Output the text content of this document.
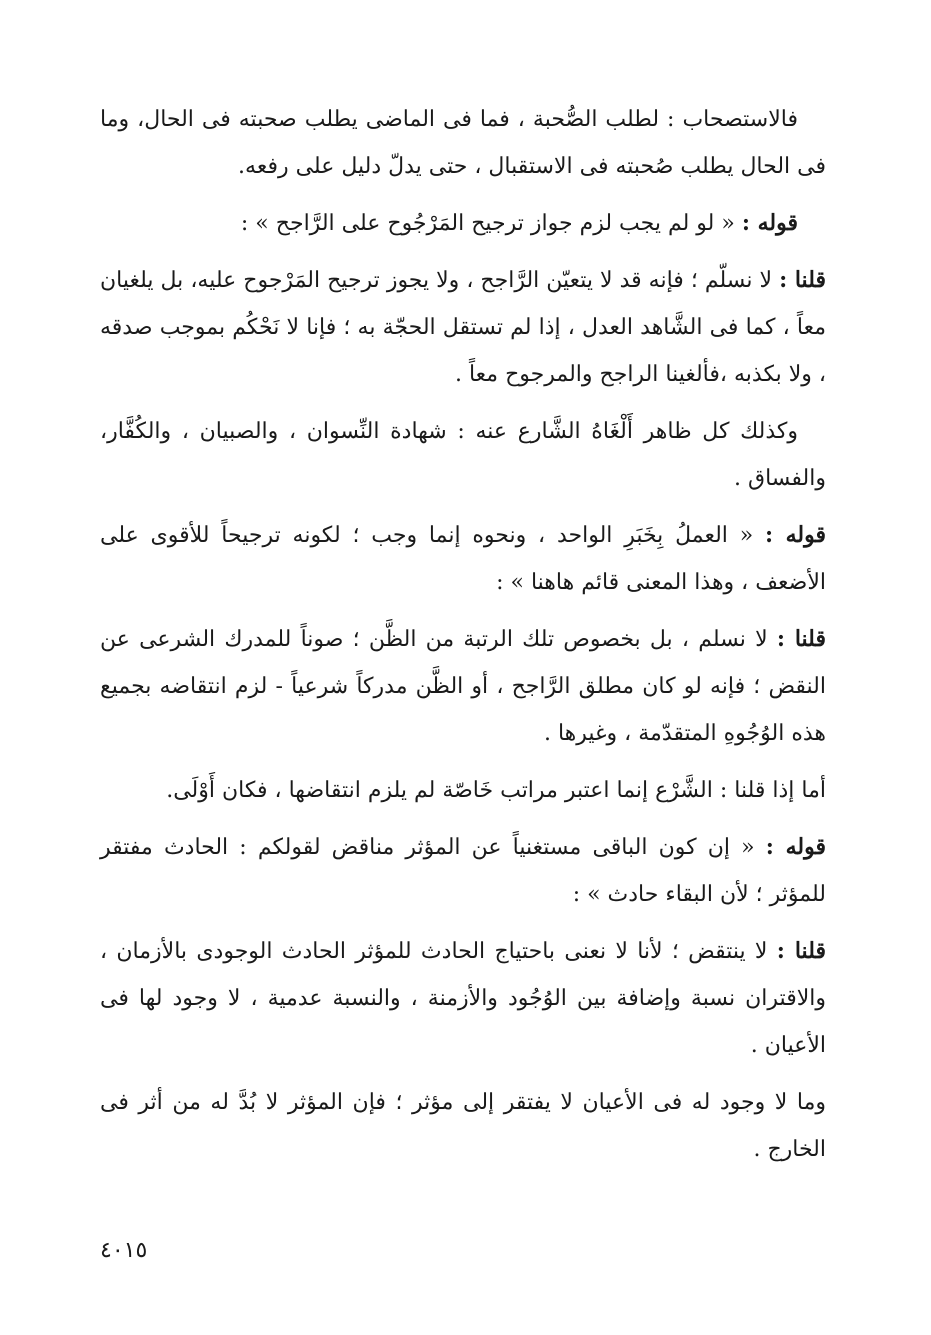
فالاستصحاب : لطلب الصُّحبة ، فما فى الماضى يطلب صحبته فى الحال، وما فى الحال يطلب صُحبته فى الاستقبال ، حتى يدلّ دليل على رفعه.

قوله : « لو لم يجب لزم جواز ترجيح المَرْجُوح على الرَّاجح » :

قلنا : لا نسلّم ؛ فإنه قد لا يتعيّن الرَّاجح ، ولا يجوز ترجيح المَرْجوح عليه، بل يلغيان معاً ، كما فى الشَّاهد العدل ، إذا لم تستقل الحجّة به ؛ فإنا لا نَحْكُم بموجب صدقه ، ولا بكذبه ،فألغينا الراجح والمرجوح معاً .

وكذلك كل ظاهر أَلْغَاهُ الشَّارع عنه : شهادة النِّسوان ، والصبيان ، والكُفَّار، والفساق .

قوله : « العملُ بِخَبَرِ الواحد ، ونحوه إنما وجب ؛ لكونه ترجيحاً للأقوى على الأضعف ، وهذا المعنى قائم هاهنا » :

قلنا : لا نسلم ، بل بخصوص تلك الرتبة من الظَّن ؛ صوناً للمدرك الشرعى عن النقض ؛ فإنه لو كان مطلق الرَّاجح ، أو الظَّن مدركاً شرعياً - لزم انتقاضه بجميع هذه الوُجُوهِ المتقدّمة ، وغيرها .

أما إذا قلنا : الشَّرْع إنما اعتبر مراتب خَاصّة لم يلزم انتقاضها ، فكان أَوْلَى.

قوله : « إن كون الباقى مستغنياً عن المؤثر مناقض لقولكم : الحادث مفتقر للمؤثر ؛ لأن البقاء حادث » :

قلنا : لا ينتقض ؛ لأنا لا نعنى باحتياج الحادث للمؤثر الحادث الوجودى بالأزمان ، والاقتران نسبة وإضافة بين الوُجُود والأزمنة ، والنسبة عدمية ، لا وجود لها فى الأعيان .

وما لا وجود له فى الأعيان لا يفتقر إلى مؤثر ؛ فإن المؤثر لا بُدَّ له من أثر فى الخارج .

٤٠١٥
